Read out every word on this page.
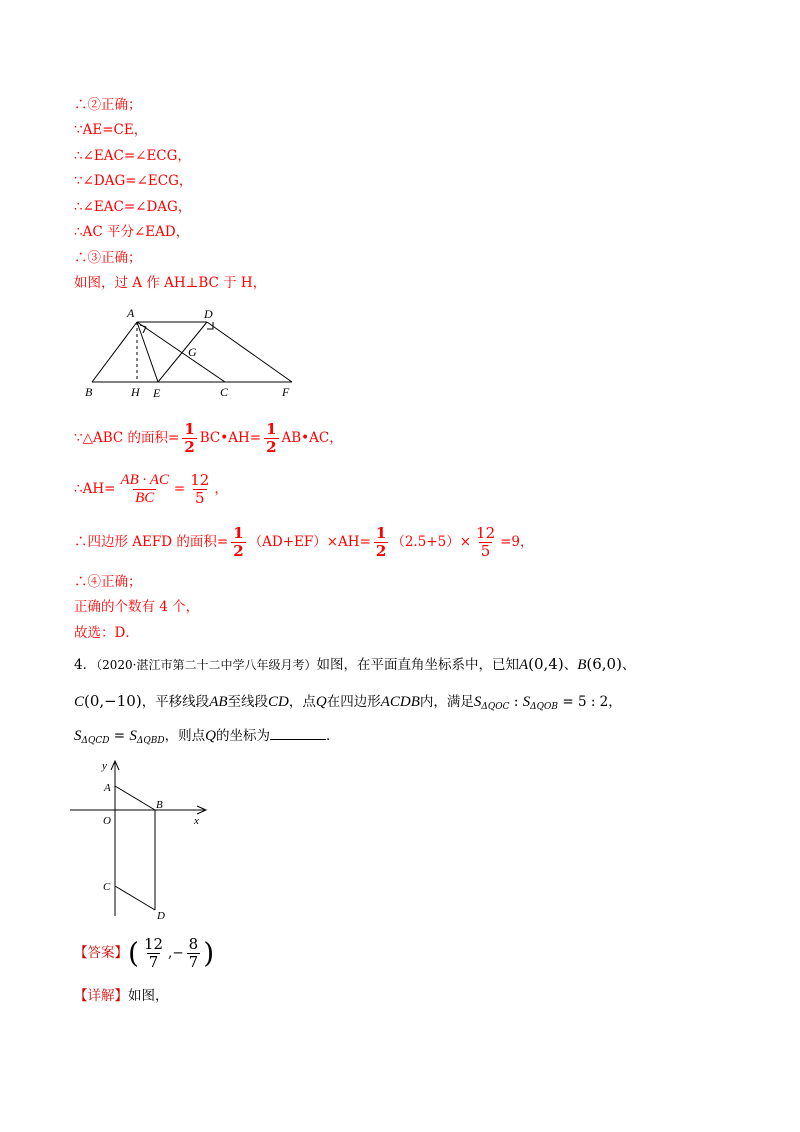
∴②正确；
∵AE=CE，
∴∠EAC=∠ECG，
∵∠DAG=∠ECG，
∴∠EAC=∠DAG，
∴AC 平分∠EAD，
∴③正确；
如图，过 A 作 AH⊥BC 于 H，
A	D
G
B	H E	C	F
∵△ABC 的面积= $\frac{1}{2}$ BC•AH= $\frac{1}{2}$ AB•AC，
∴AH= $\frac{AB \cdot AC}{BC} = \frac{12}{5}$ ，
∴四边形 AEFD 的面积= $\frac{1}{2} (AD+EF)\times AH= \frac{1}{2} (2.5+5)\times \frac{12}{5} =9$，
∴④正确；
正确的个数有 4 个，
故选：D．
4．（2020·湛江市第二十二中学八年级月考）如图，在平面直角坐标系中，已知A(0,4)、B(6,0)、
C(0,−10)，平移线段AB至线段CD，点Q在四边形ACDB内，满足$S_{\Delta QOC}$ : $S_{\Delta QOB} = 5$ : 2，
$S_{\Delta QCD} = S_{\Delta QBD}$，则点Q的坐标为	．
y
x
A
B
O
C
D
【答案】( $\frac{12}{7}$ ,− $\frac{8}{7}$ )
【详解】如图，
